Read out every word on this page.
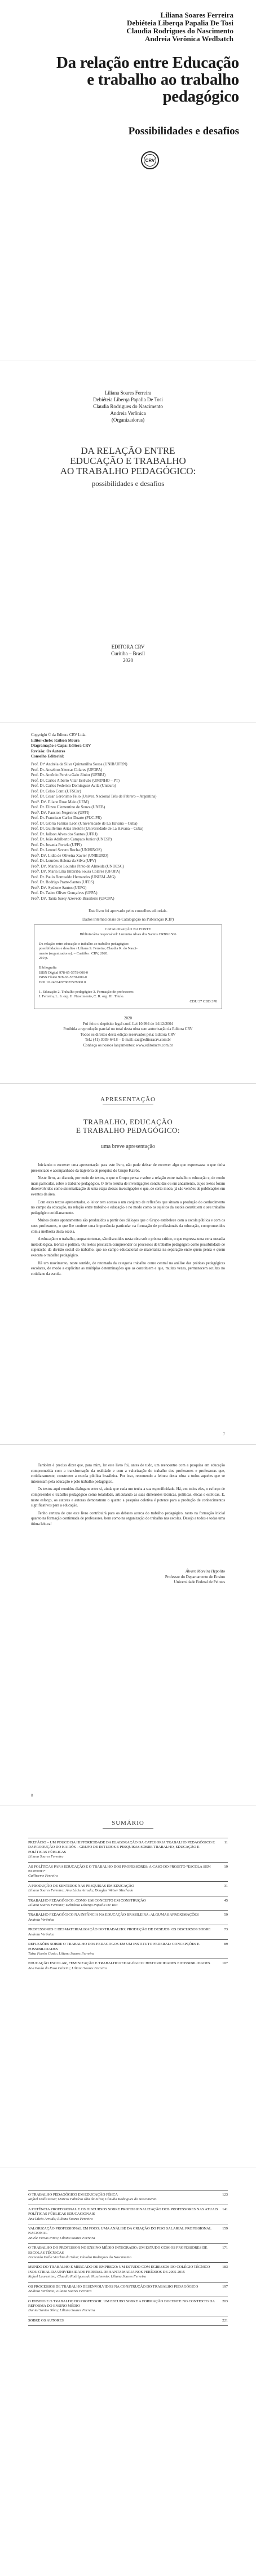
Liliana Soares Ferreira
Debiéteia Liberqa Papalia De Tosi
Claudia Rodrigues do Nascimento
Andreia Verônica Wedbatch
Da relação entre Educação
e trabalho ao trabalho
pedagógico
Possibilidades e desafios
CRV
Liliana Soares Ferreira
Debiéteia Liberqa Papalia De Tosi
Claudia Rodrigues do Nascimento
Andreia Verônica
(Organizadoras)
DA RELAÇÃO ENTRE
EDUCAÇÃO E TRABALHO
AO TRABALHO PEDAGÓGICO:
possibilidades e desafios
EDITORA CRV
Curitiba – Brasil
2020
Copyright © da Editora CRV Ltda.
Editor-chefe: Railson Moura
Diagramação e Capa: Editora CRV
Revisão: Os Autores
Conselho Editorial:
Prof. Drª Andréia da Silva Quintanilha Sousa (UNIR/UFRN)
Prof. Dr. Anselmo Alencar Colares (UFOPA)
Prof. Dr. Antônio Pereira Gaio Júnior (UFRRJ)
Prof. Dr. Carlos Alberto Vilar Estêvão (UMINHO – PT)
Prof. Dr. Carlos Federico Dominguez Avila (Unieuro)
Prof. Dr. Celso Conti (UFSCar)
Prof. Dr. Cesar Gerónimo Tello (Univer. Nacional Três de Febrero – Argentina)
Profª. Drª. Eliane Rose Maio (UEM)
Prof. Dr. Elizeu Clementino de Souza (UNEB)
Profª. Drª. Fauston Negreiros (UFPI)
Prof. Dr. Francisco Carlos Duarte (PUC-PR)
Prof. Dr. Gloria Fariñas León (Universidade de La Havana – Cuba)
Prof. Dr. Guillermo Arias Beatón (Universidade de La Havana – Cuba)
Prof. Dr. Jailson Alves dos Santos (UFRJ)
Prof. Dr. João Adalberto Campato Junior (UNESP)
Prof. Dr. Josania Portela (UFPI)
Prof. Dr. Leonel Severo Rocha (UNISINOS)
Profª. Drª. Lidia de Oliveira Xavier (UNIEURO)
Prof. Dr. Lourdes Helena da Silva (UFV)
Profª. Drª. Maria de Lourdes Pinto de Almeida (UNOESC)
Profª. Drª. Maria Lília Imbiriba Sousa Colares (UFOPA)
Prof. Dr. Paulo Romualdo Hernandes (UNIFAL-MG)
Prof. Dr. Rodrigo Pratte-Santos (UFES)
Profª. Drª. Sydione Santos (UEPG)
Prof. Dr. Tadeu Oliver Gonçalves (UFPA)
Profª. Drª. Tania Suely Azevedo Brasileiro (UFOPA)
Este livro foi aprovado pelos conselhos editoriais.
Dados Internacionais de Catalogação na Publicação (CIP)
CATALOGAÇÃO NA FONTE
Bibliotecária responsável: Luzenira Alves dos Santos CRB9/1506

Da relação entre educação e trabalho ao trabalho pedagógico:
possibilidades e desafios / Liliana S. Ferreira; Claudia R. do Nasci-
mento (organizadoras). – Curitiba : CRV, 2020.
210 p.

Bibliografia
ISBN Digital 978-65-5578-000-0
ISBN Físico 978-65-5578-000-0
DOI 10.24824/978655578000.0

1. Educação 2. Trabalho pedagógico 3. Formação de professores
I. Ferreira, L. S. org. II. Nascimento, C. R. org. III. Título.
CDU 37 CDD 370
2020
Foi feito o depósito legal conf. Lei 10.994 de 14/12/2004
Proibida a reprodução parcial ou total desta obra sem autorização da Editora CRV
Todos os direitos desta edição reservados pela: Editora CRV
Tel.: (41) 3039-6418 – E-mail: sac@editoracrv.com.br
Conheça os nossos lançamentos: www.editoracrv.com.br
APRESENTAÇÃO
TRABALHO, EDUCAÇÃO
E TRABALHO PEDAGÓGICO:
uma breve apresentação

Iniciando o escrever uma apresentação para este livro, não pude deixar de escrever algo que expressasse o que tinha presenciado e acompanhado da trajetória de pesquisa do Grupo Kairós.

Neste livro, ao discutir, por meio de textos, o que o Grupo pensa e sobre a relação entre trabalho e educação e, de modo mais particular, sobre o trabalho pedagógico. O livro resulta de investigações concluídas ou em andamento, cujos textos foram desenvolvidos como sistematização de uma etapa dessas investigações e que, de certo modo, já são versões de publicações em eventos da área.

Com estes textos apresentados, o leitor tem acesso a um conjunto de reflexões que situam a produção do conhecimento no campo da educação, na relação entre trabalho e educação e no modo como os sujeitos da escola constituem o seu trabalho pedagógico cotidianamente.

Muitos destes apontamentos são produzidos a partir dos diálogos que o Grupo estabelece com a escola pública e com os seus professores, o que lhe confere uma importância particular na formação de profissionais da educação, comprometidos com a melhoria desta escola.

A educação e o trabalho, enquanto temas, são discutidos nesta obra sob o prisma crítico, o que expressa uma certa ousadia metodológica, teórica e política. Os textos procuram compreender os processos de trabalho pedagógico como possibilidade de superação da divisão social do trabalho, que no campo educacional se materializa na separação entre quem pensa e quem executa o trabalho pedagógico.

Há um movimento, neste sentido, de retomada da categoria trabalho como central na análise das práticas pedagógicas escolares, de modo a explicitar as múltiplas determinações que as constituem e que, muitas vezes, permanecem ocultas no cotidiano da escola.

7

Também é preciso dizer que, para mim, ler este livro foi, antes de tudo, um reencontro com a pesquisa em educação comprometida com a transformação da realidade e com a valorização do trabalho dos professores e professoras que, cotidianamente, constroem a escola pública brasileira. Por isso, recomendo a leitura desta obra a todos aqueles que se interessam pela educação e pelo trabalho pedagógico.

Os textos aqui reunidos dialogam entre si, ainda que cada um tenha a sua especificidade. Há, em todos eles, o esforço de compreender o trabalho pedagógico como totalidade, articulando as suas dimensões técnicas, políticas, éticas e estéticas. E, neste esforço, os autores e autoras demonstram o quanto a pesquisa coletiva é potente para a produção de conhecimentos significativos para a educação.

Tenho certeza de que este livro contribuirá para os debates acerca do trabalho pedagógico, tanto na formação inicial quanto na formação continuada de professores, bem como na organização do trabalho nas escolas. Desejo a todos e todas uma ótima leitura!

Álvaro Moreira Hypolito
Professor do Departamento de Ensino
Universidade Federal de Pelotas
8
SUMÁRIO
PREFÁCIO – UM POUCO DA HISTORICIDADE DA ELABORAÇÃO DA CATEGORIA TRABALHO PEDAGÓGICO E DA PRODUÇÃO DO KAIRÓS – GRUPO DE ESTUDOS E PESQUISAS SOBRE TRABALHO, EDUCAÇÃO E POLÍTICAS PÚBLICAS
Liliana Soares Ferreira
11
AS POLÍTICAS PARA EDUCAÇÃO E O TRABALHO DOS PROFESSORES: A CASO DO PROJETO “ESCOLA SEM PARTIDO”
Guilherme Ferreira
19
A PRODUÇÃO DE SENTIDOS NAS PESQUISAS EM EDUCAÇÃO
Liliana Soares Ferreira; Ana Lúcia Arruda; Douglas Weiser Machado
31
TRABALHO PEDAGÓGICO: COMO UM CONCEITO EM CONSTRUÇÃO
Liliana Soares Ferreira; Debiéteia Liberqa Papalia De Tosi
45
TRABALHO PEDAGÓGICO NA INFÂNCIA NA EDUCAÇÃO BRASILEIRA: ALGUMAS APROXIMAÇÕES
Andreia Verônica
59
PROFESSORES E DESMATERIALIZAÇÃO DO TRABALHO: PRODUÇÃO DE DESEJOS: OS DISCURSOS SOBRE
Andreia Verônica
73
REFLEXÕES SOBRE O TRABALHO DOS PEDAGOGOS EM UM INSTITUTO FEDERAL: CONCEPÇÕES E POSSIBILIDADES
Taiza Farelo Costa; Liliana Soares Ferreira
89
EDUCAÇÃO ESCOLAR, FEMINIZAÇÃO E TRABALHO PEDAGÓGICO: HISTORICIDADES E POSSIBILIDADES
Ana Paula da Rosa Cabrini; Liliana Soares Ferreira
107
O TRABALHO PEDAGÓGICO EM EDUCAÇÃO FÍSICA
Rafael Dalla Rosa; Marcos Fabrício Ilha da Silva; Claudia Rodrigues do Nascimento
123
A POTÊNCIA PROFISSIONAL E OS DISCURSOS SOBRE PROFISSIONALIZAÇÃO DOS PROFESSORES NAS ATUAIS POLÍTICAS PÚBLICAS EDUCACIONAIS
Ana Lúcia Arruda; Liliana Soares Ferreira
141
VALORIZAÇÃO PROFISSIONAL EM FOCO: UMA ANÁLISE DA CRIAÇÃO DO PISO SALARIAL PROFISSIONAL NACIONAL
Aniele Farias Pinto; Liliana Soares Ferreira
159
O TRABALHO DO PROFESSOR NO ENSINO MÉDIO INTEGRADO: UM ESTUDO COM OS PROFESSORES DE ESCOLAS TÉCNICAS
Fernanda Dalla Vecchia da Silva; Claudia Rodrigues do Nascimento
171
MUNDO DO TRABALHO E MERCADO DE EMPREGO: UM ESTUDO COM EGRESSOS DO COLÉGIO TÉCNICO INDUSTRIAL DA UNIVERSIDADE FEDERAL DE SANTA MARIA NOS PERÍODOS DE 2005-2015
Rafael Laurentino; Claudia Rodrigues do Nascimento; Liliana Soares Ferreira
183
OS PROCESSOS DE TRABALHO DESENVOLVIDOS NA CONSTRUÇÃO DO TRABALHO PEDAGÓGICO
Andreia Verônica; Liliana Soares Ferreira
197
O ENSINO E O TRABALHO DO PROFESSOR: UM ESTUDO SOBRE A FORMAÇÃO DOCENTE NO CONTEXTO DA REFORMA DO ENSINO MÉDIO
Daniel Santos Silva; Liliana Soares Ferreira
203
SOBRE OS AUTORES	221
